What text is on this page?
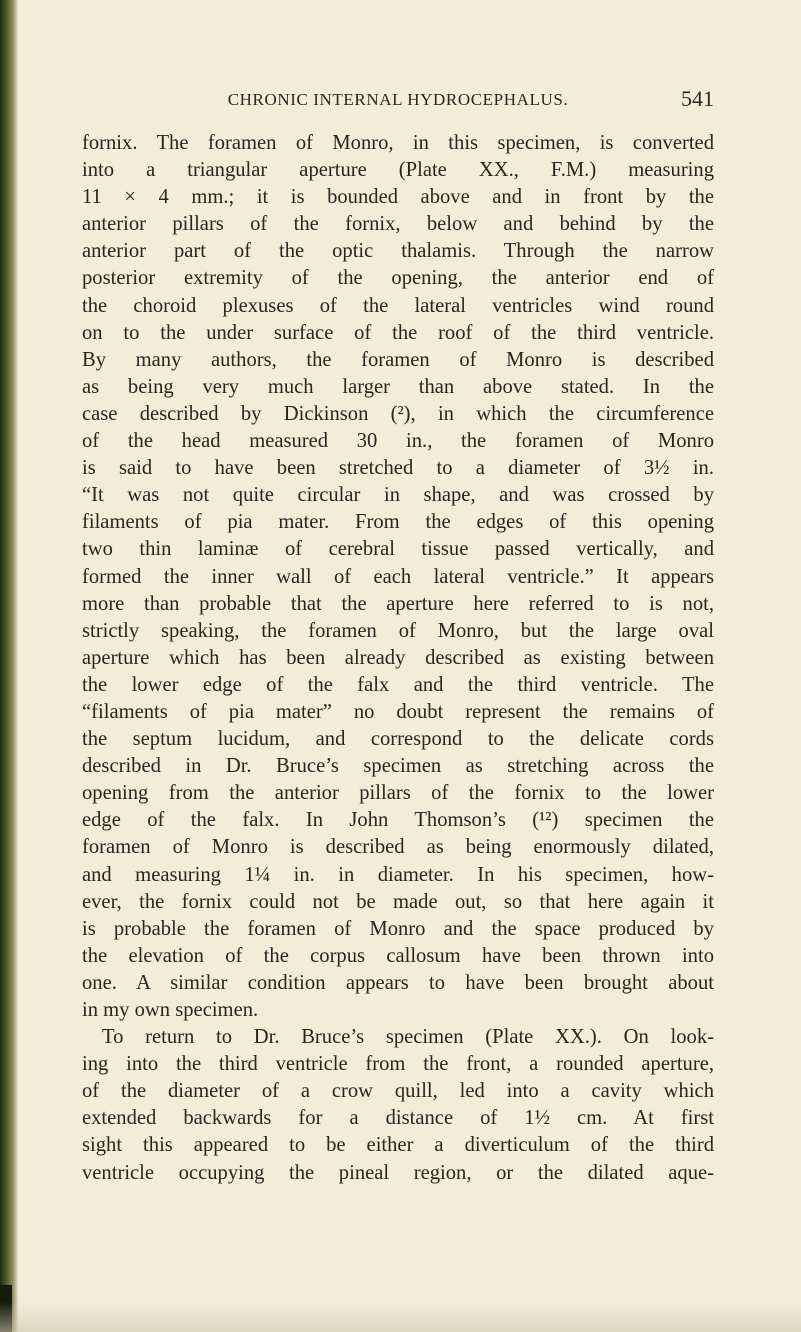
CHRONIC INTERNAL HYDROCEPHALUS.	541
fornix. The foramen of Monro, in this specimen, is converted
into a triangular aperture (Plate XX., F.M.) measuring
11 × 4 mm.; it is bounded above and in front by the
anterior pillars of the fornix, below and behind by the
anterior part of the optic thalamis. Through the narrow
posterior extremity of the opening, the anterior end of
the choroid plexuses of the lateral ventricles wind round
on to the under surface of the roof of the third ventricle.
By many authors, the foramen of Monro is described
as being very much larger than above stated. In the
case described by Dickinson (²), in which the circumference
of the head measured 30 in., the foramen of Monro
is said to have been stretched to a diameter of 3½ in.
“It was not quite circular in shape, and was crossed by
filaments of pia mater. From the edges of this opening
two thin laminæ of cerebral tissue passed vertically, and
formed the inner wall of each lateral ventricle.” It appears
more than probable that the aperture here referred to is not,
strictly speaking, the foramen of Monro, but the large oval
aperture which has been already described as existing between
the lower edge of the falx and the third ventricle. The
“filaments of pia mater” no doubt represent the remains of
the septum lucidum, and correspond to the delicate cords
described in Dr. Bruce’s specimen as stretching across the
opening from the anterior pillars of the fornix to the lower
edge of the falx. In John Thomson’s (¹²) specimen the
foramen of Monro is described as being enormously dilated,
and measuring 1¼ in. in diameter. In his specimen, how-
ever, the fornix could not be made out, so that here again it
is probable the foramen of Monro and the space produced by
the elevation of the corpus callosum have been thrown into
one. A similar condition appears to have been brought about
in my own specimen.
To return to Dr. Bruce’s specimen (Plate XX.). On look-
ing into the third ventricle from the front, a rounded aperture,
of the diameter of a crow quill, led into a cavity which
extended backwards for a distance of 1½ cm. At first
sight this appeared to be either a diverticulum of the third
ventricle occupying the pineal region, or the dilated aque-
